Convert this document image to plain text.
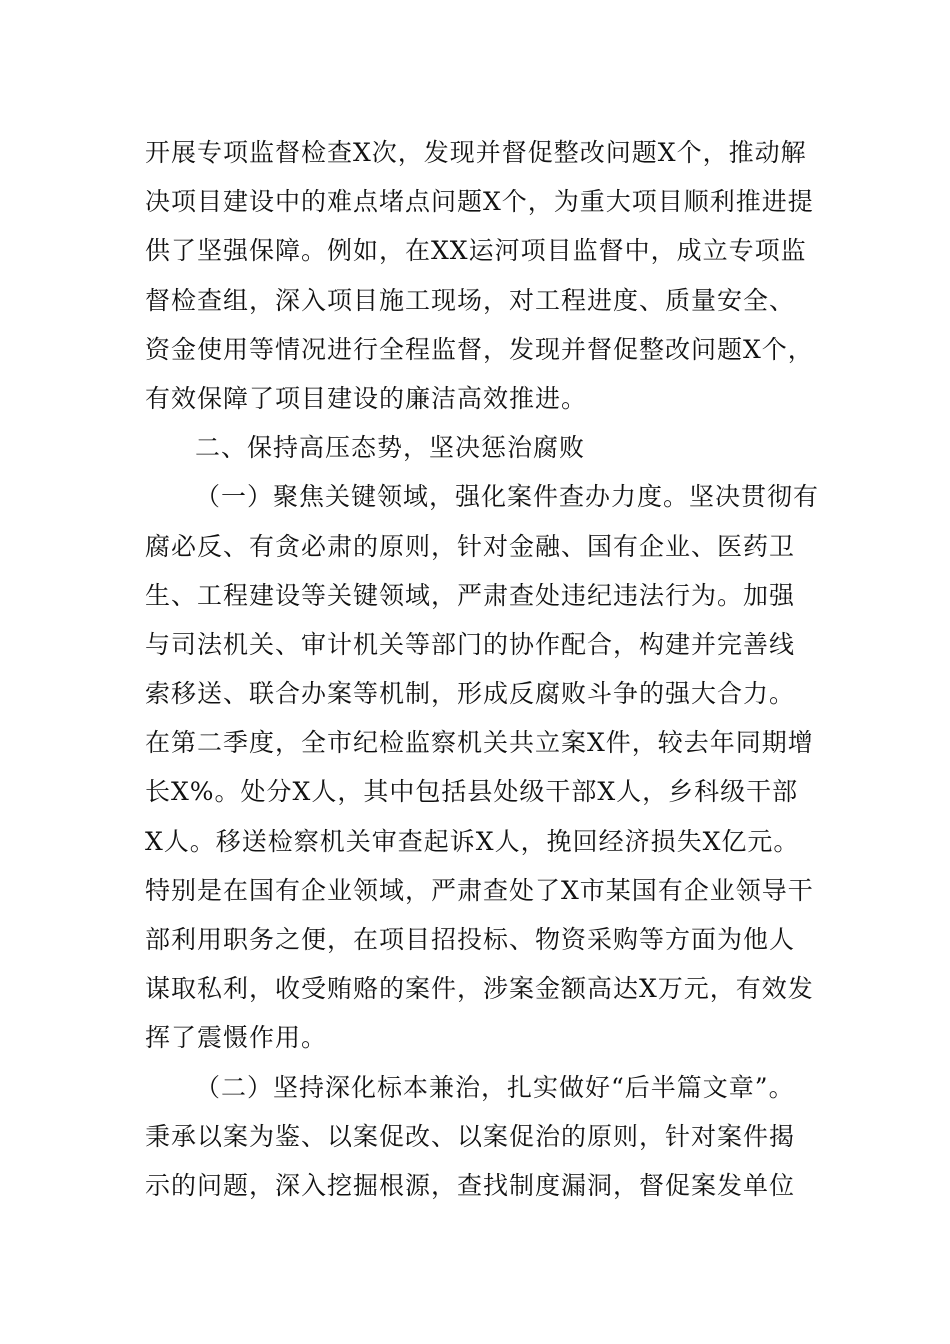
开展专项监督检查X次，发现并督促整改问题X个，推动解
决项目建设中的难点堵点问题X个，为重大项目顺利推进提
供了坚强保障。例如，在XX运河项目监督中，成立专项监
督检查组，深入项目施工现场，对工程进度、质量安全、
资金使用等情况进行全程监督，发现并督促整改问题X个，
有效保障了项目建设的廉洁高效推进。
二、保持高压态势，坚决惩治腐败
（一）聚焦关键领域，强化案件查办力度。坚决贯彻有
腐必反、有贪必肃的原则，针对金融、国有企业、医药卫
生、工程建设等关键领域，严肃查处违纪违法行为。加强
与司法机关、审计机关等部门的协作配合，构建并完善线
索移送、联合办案等机制，形成反腐败斗争的强大合力。
在第二季度，全市纪检监察机关共立案X件，较去年同期增
长X%。处分X人，其中包括县处级干部X人，乡科级干部
X人。移送检察机关审查起诉X人，挽回经济损失X亿元。
特别是在国有企业领域，严肃查处了X市某国有企业领导干
部利用职务之便，在项目招投标、物资采购等方面为他人
谋取私利，收受贿赂的案件，涉案金额高达X万元，有效发
挥了震慑作用。
（二）坚持深化标本兼治，扎实做好“后半篇文章”。
秉承以案为鉴、以案促改、以案促治的原则，针对案件揭
示的问题，深入挖掘根源，查找制度漏洞，督促案发单位
